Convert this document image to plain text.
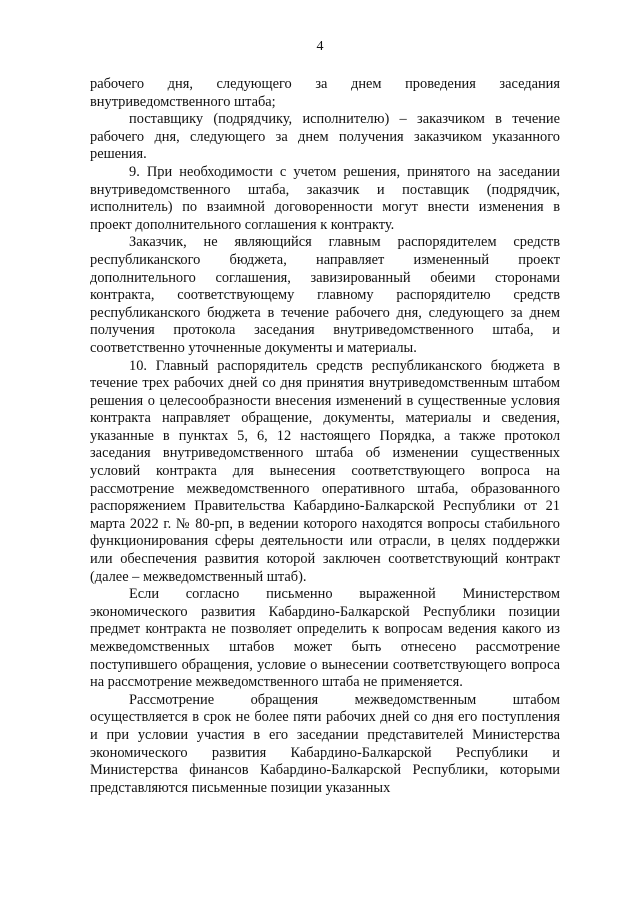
4

рабочего дня, следующего за днем проведения заседания внутриведомственного штаба;

поставщику (подрядчику, исполнителю) – заказчиком в течение рабочего дня, следующего за днем получения заказчиком указанного решения.

9. При необходимости с учетом решения, принятого на заседании внутриведомственного штаба, заказчик и поставщик (подрядчик, исполнитель) по взаимной договоренности могут внести изменения в проект дополнительного соглашения к контракту.

Заказчик, не являющийся главным распорядителем средств республиканского бюджета, направляет измененный проект дополнительного соглашения, завизированный обеими сторонами контракта, соответствующему главному распорядителю средств республиканского бюджета в течение рабочего дня, следующего за днем получения протокола заседания внутриведомственного штаба, и соответственно уточненные документы и материалы.

10. Главный распорядитель средств республиканского бюджета в течение трех рабочих дней со дня принятия внутриведомственным штабом решения о целесообразности внесения изменений в существенные условия контракта направляет обращение, документы, материалы и сведения, указанные в пунктах 5, 6, 12 настоящего Порядка, а также протокол заседания внутриведомственного штаба об изменении существенных условий контракта для вынесения соответствующего вопроса на рассмотрение межведомственного оперативного штаба, образованного распоряжением Правительства Кабардино-Балкарской Республики от 21 марта 2022 г. № 80-рп, в ведении которого находятся вопросы стабильного функционирования сферы деятельности или отрасли, в целях поддержки или обеспечения развития которой заключен соответствующий контракт (далее – межведомственный штаб).

Если согласно письменно выраженной Министерством экономического развития Кабардино-Балкарской Республики позиции предмет контракта не позволяет определить к вопросам ведения какого из межведомственных штабов может быть отнесено рассмотрение поступившего обращения, условие о вынесении соответствующего вопроса на рассмотрение межведомственного штаба не применяется.

Рассмотрение обращения межведомственным штабом осуществляется в срок не более пяти рабочих дней со дня его поступления и при условии участия в его заседании представителей Министерства экономического развития Кабардино-Балкарской Республики и Министерства финансов Кабардино-Балкарской Республики, которыми представляются письменные позиции указанных
